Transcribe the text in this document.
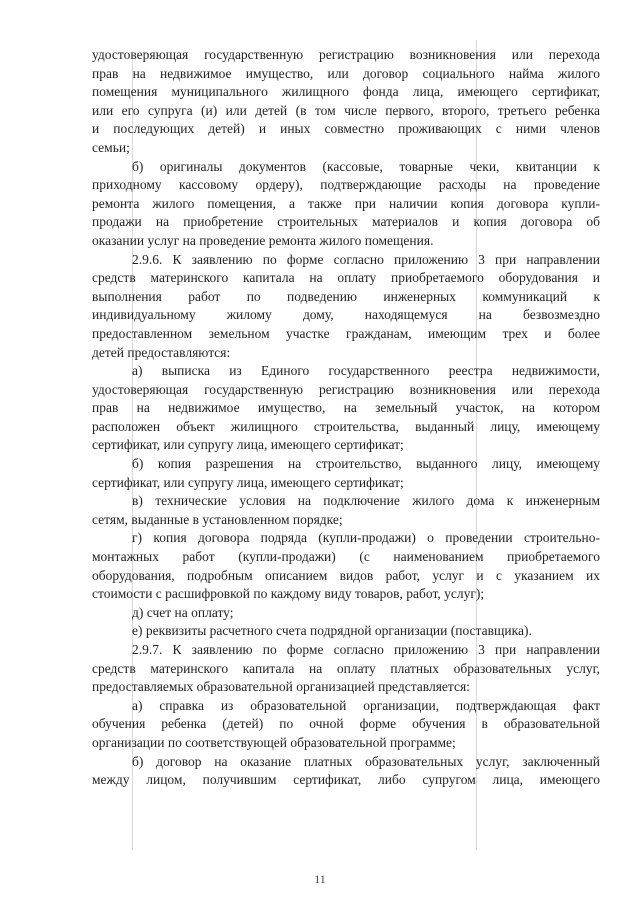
удостоверяющая государственную регистрацию возникновения или перехода
прав на недвижимое имущество, или договор социального найма жилого
помещения муниципального жилищного фонда лица, имеющего сертификат,
или его супруга (и) или детей (в том числе первого, второго, третьего ребенка
и последующих детей) и иных совместно проживающих с ними членов
семьи;
б) оригиналы документов (кассовые, товарные чеки, квитанции к
приходному кассовому ордеру), подтверждающие расходы на проведение
ремонта жилого помещения, а также при наличии копия договора купли-
продажи на приобретение строительных материалов и копия договора об
оказании услуг на проведение ремонта жилого помещения.
2.9.6. К заявлению по форме согласно приложению 3 при направлении
средств материнского капитала на оплату приобретаемого оборудования и
выполнения работ по подведению инженерных коммуникаций к
индивидуальному жилому дому, находящемуся на безвозмездно
предоставленном земельном участке гражданам, имеющим трех и более
детей предоставляются:
а) выписка из Единого государственного реестра недвижимости,
удостоверяющая государственную регистрацию возникновения или перехода
прав на недвижимое имущество, на земельный участок, на котором
расположен объект жилищного строительства, выданный лицу, имеющему
сертификат, или супругу лица, имеющего сертификат;
б) копия разрешения на строительство, выданного лицу, имеющему
сертификат, или супругу лица, имеющего сертификат;
в) технические условия на подключение жилого дома к инженерным
сетям, выданные в установленном порядке;
г) копия договора подряда (купли-продажи) о проведении строительно-
монтажных работ (купли-продажи) (с наименованием приобретаемого
оборудования, подробным описанием видов работ, услуг и с указанием их
стоимости с расшифровкой по каждому виду товаров, работ, услуг);
д) счет на оплату;
е) реквизиты расчетного счета подрядной организации (поставщика).
2.9.7. К заявлению по форме согласно приложению 3 при направлении
средств материнского капитала на оплату платных образовательных услуг,
предоставляемых образовательной организацией представляется:
а) справка из образовательной организации, подтверждающая факт
обучения ребенка (детей) по очной форме обучения в образовательной
организации по соответствующей образовательной программе;
б) договор на оказание платных образовательных услуг, заключенный
между лицом, получившим сертификат, либо супругом лица, имеющего
11
